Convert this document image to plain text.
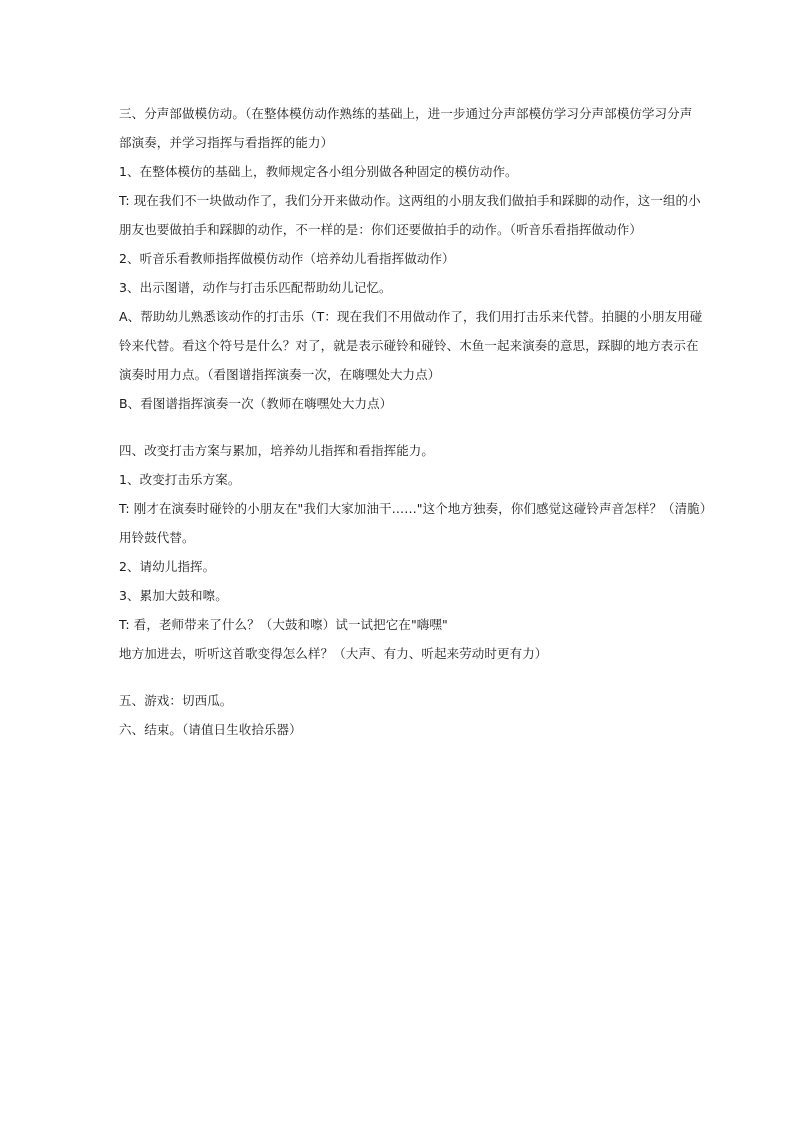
三、分声部做模仿动。（在整体模仿动作熟练的基础上，进一步通过分声部模仿学习分声部模仿学习分声
部演奏，并学习指挥与看指挥的能力）
1、在整体模仿的基础上，教师规定各小组分别做各种固定的模仿动作。
T: 现在我们不一块做动作了，我们分开来做动作。这两组的小朋友我们做拍手和踩脚的动作，这一组的小
朋友也要做拍手和踩脚的动作，不一样的是：你们还要做拍手的动作。（听音乐看指挥做动作）
2、听音乐看教师指挥做模仿动作（培养幼儿看指挥做动作）
3、出示图谱，动作与打击乐匹配帮助幼儿记忆。
A、帮助幼儿熟悉该动作的打击乐（T：现在我们不用做动作了，我们用打击乐来代替。拍腿的小朋友用碰
铃来代替。看这个符号是什么？对了，就是表示碰铃和碰铃、木鱼一起来演奏的意思，踩脚的地方表示在
演奏时用力点。（看图谱指挥演奏一次，在嗨嘿处大力点）
B、看图谱指挥演奏一次（教师在嗨嘿处大力点）
四、改变打击方案与累加，培养幼儿指挥和看指挥能力。
1、改变打击乐方案。
T: 刚才在演奏时碰铃的小朋友在"我们大家加油干……"这个地方独奏，你们感觉这碰铃声音怎样？（清脆）
用铃鼓代替。
2、请幼儿指挥。
3、累加大鼓和嚓。
T: 看，老师带来了什么？（大鼓和嚓）试一试把它在"嗨嘿"
地方加进去，听听这首歌变得怎么样？（大声、有力、听起来劳动时更有力）
五、游戏：切西瓜。
六、结束。（请值日生收拾乐器）
